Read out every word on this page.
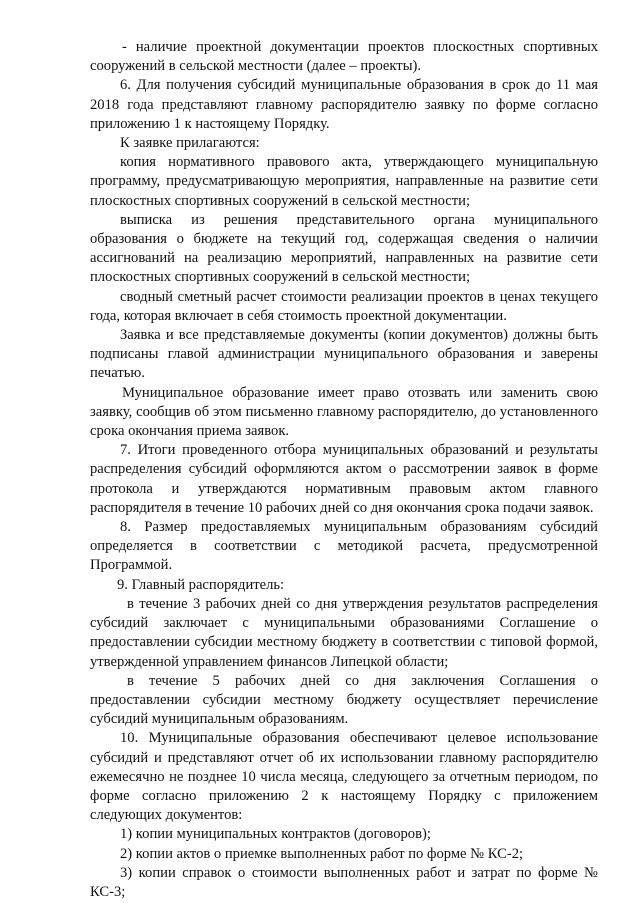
- наличие проектной документации проектов плоскостных спортивных сооружений в сельской местности (далее – проекты).

6. Для получения субсидий муниципальные образования в срок до 11 мая 2018 года представляют главному распорядителю заявку по форме согласно приложению 1 к настоящему Порядку.

К заявке прилагаются:

копия нормативного правового акта, утверждающего муниципальную программу, предусматривающую мероприятия, направленные на развитие сети плоскостных спортивных сооружений в сельской местности;

выписка из решения представительного органа муниципального образования о бюджете на текущий год, содержащая сведения о наличии ассигнований на реализацию мероприятий, направленных на развитие сети плоскостных спортивных сооружений в сельской местности;

сводный сметный расчет стоимости реализации проектов в ценах текущего года, которая включает в себя стоимость проектной документации.

Заявка и все представляемые документы (копии документов) должны быть подписаны главой администрации муниципального образования и заверены печатью.

Муниципальное образование имеет право отозвать или заменить свою заявку, сообщив об этом письменно главному распорядителю, до установленного срока окончания приема заявок.

7. Итоги проведенного отбора муниципальных образований и результаты распределения субсидий оформляются актом о рассмотрении заявок в форме протокола и утверждаются нормативным правовым актом главного распорядителя в течение 10 рабочих дней со дня окончания срока подачи заявок.

8. Размер предоставляемых муниципальным образованиям субсидий определяется в соответствии с методикой расчета, предусмотренной Программой.

9. Главный распорядитель:

в течение 3 рабочих дней со дня утверждения результатов распределения субсидий заключает с муниципальными образованиями Соглашение о предоставлении субсидии местному бюджету в соответствии с типовой формой, утвержденной управлением финансов Липецкой области;

в течение 5 рабочих дней со дня заключения Соглашения о предоставлении субсидии местному бюджету осуществляет перечисление субсидий муниципальным образованиям.

10. Муниципальные образования обеспечивают целевое использование субсидий и представляют отчет об их использовании главному распорядителю ежемесячно не позднее 10 числа месяца, следующего за отчетным периодом, по форме согласно приложению 2 к настоящему Порядку с приложением следующих документов:

1) копии муниципальных контрактов (договоров);

2) копии актов о приемке выполненных работ по форме № КС-2;

3) копии справок о стоимости выполненных работ и затрат по форме № КС-3;
